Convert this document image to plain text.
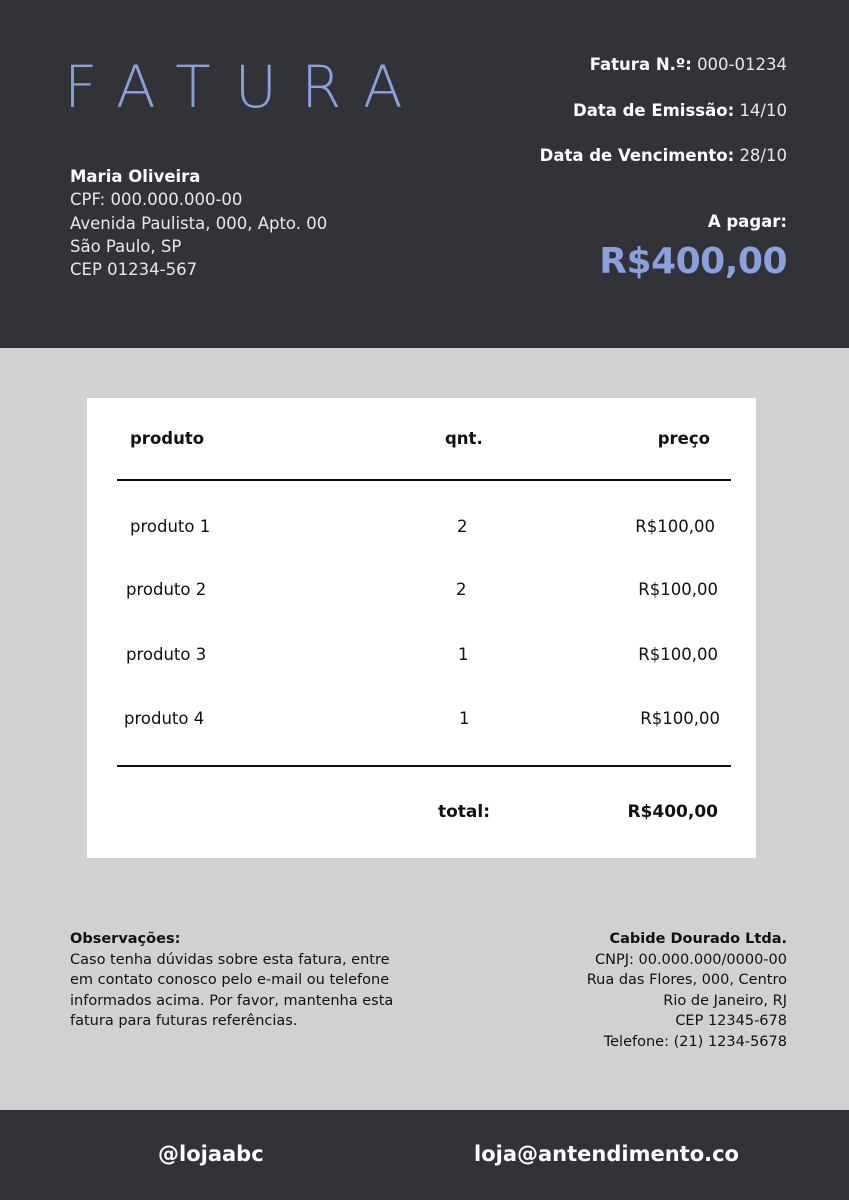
FATURA
Maria Oliveira
CPF: 000.000.000-00
Avenida Paulista, 000, Apto. 00
São Paulo, SP
CEP 01234-567
Fatura N.º: 000-01234
Data de Emissão: 14/10
Data de Vencimento: 28/10
A pagar:
R$400,00
produto	qnt.	preço
produto 1	2	R$100,00
produto 2	2	R$100,00
produto 3	1	R$100,00
produto 4	1	R$100,00
total:	R$400,00
Observações:
Caso tenha dúvidas sobre esta fatura, entre
em contato conosco pelo e-mail ou telefone
informados acima. Por favor, mantenha esta
fatura para futuras referências.
Cabide Dourado Ltda.
CNPJ: 00.000.000/0000-00
Rua das Flores, 000, Centro
Rio de Janeiro, RJ
CEP 12345-678
Telefone: (21) 1234-5678
@lojaabc	loja@antendimento.co
